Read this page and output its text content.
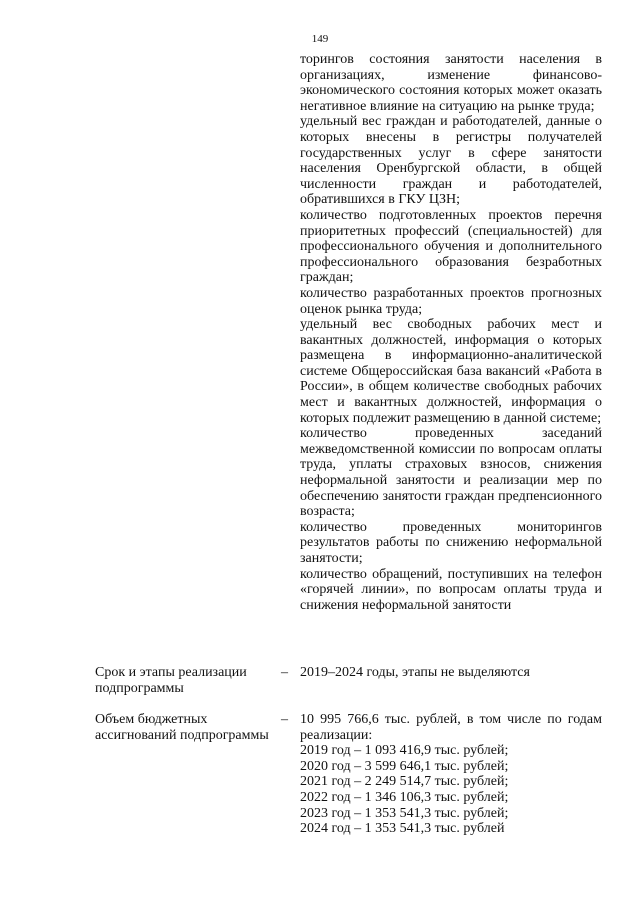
149
торингов состояния занятости населения в организациях, изменение финансово-экономического состояния которых может оказать негативное влияние на ситуацию на рынке труда;
удельный вес граждан и работодателей, данные о которых внесены в регистры получателей государственных услуг в сфере занятости населения Оренбургской области, в общей численности граждан и работодателей, обратившихся в ГКУ ЦЗН;
количество подготовленных проектов перечня приоритетных профессий (специальностей) для профессионального обучения и дополнительного профессионального образования безработных граждан;
количество разработанных проектов прогнозных оценок рынка труда;
удельный вес свободных рабочих мест и вакантных должностей, информация о которых размещена в информационно-аналитической системе Общероссийская база вакансий «Работа в России», в общем количестве свободных рабочих мест и вакантных должностей, информация о которых подлежит размещению в данной системе;
количество проведенных заседаний межведомственной комиссии по вопросам оплаты труда, уплаты страховых взносов, снижения неформальной занятости и реализации мер по обеспечению занятости граждан предпенсионного возраста;
количество проведенных мониторингов результатов работы по снижению неформальной занятости;
количество обращений, поступивших на телефон «горячей линии», по вопросам оплаты труда и снижения неформальной занятости
Срок и этапы реализации подпрограммы
– 2019–2024 годы, этапы не выделяются
Объем бюджетных ассигнований подпрограммы
– 10 995 766,6 тыс. рублей, в том числе по годам реализации:
2019 год – 1 093 416,9 тыс. рублей;
2020 год – 3 599 646,1 тыс. рублей;
2021 год – 2 249 514,7 тыс. рублей;
2022 год – 1 346 106,3 тыс. рублей;
2023 год – 1 353 541,3 тыс. рублей;
2024 год – 1 353 541,3 тыс. рублей
